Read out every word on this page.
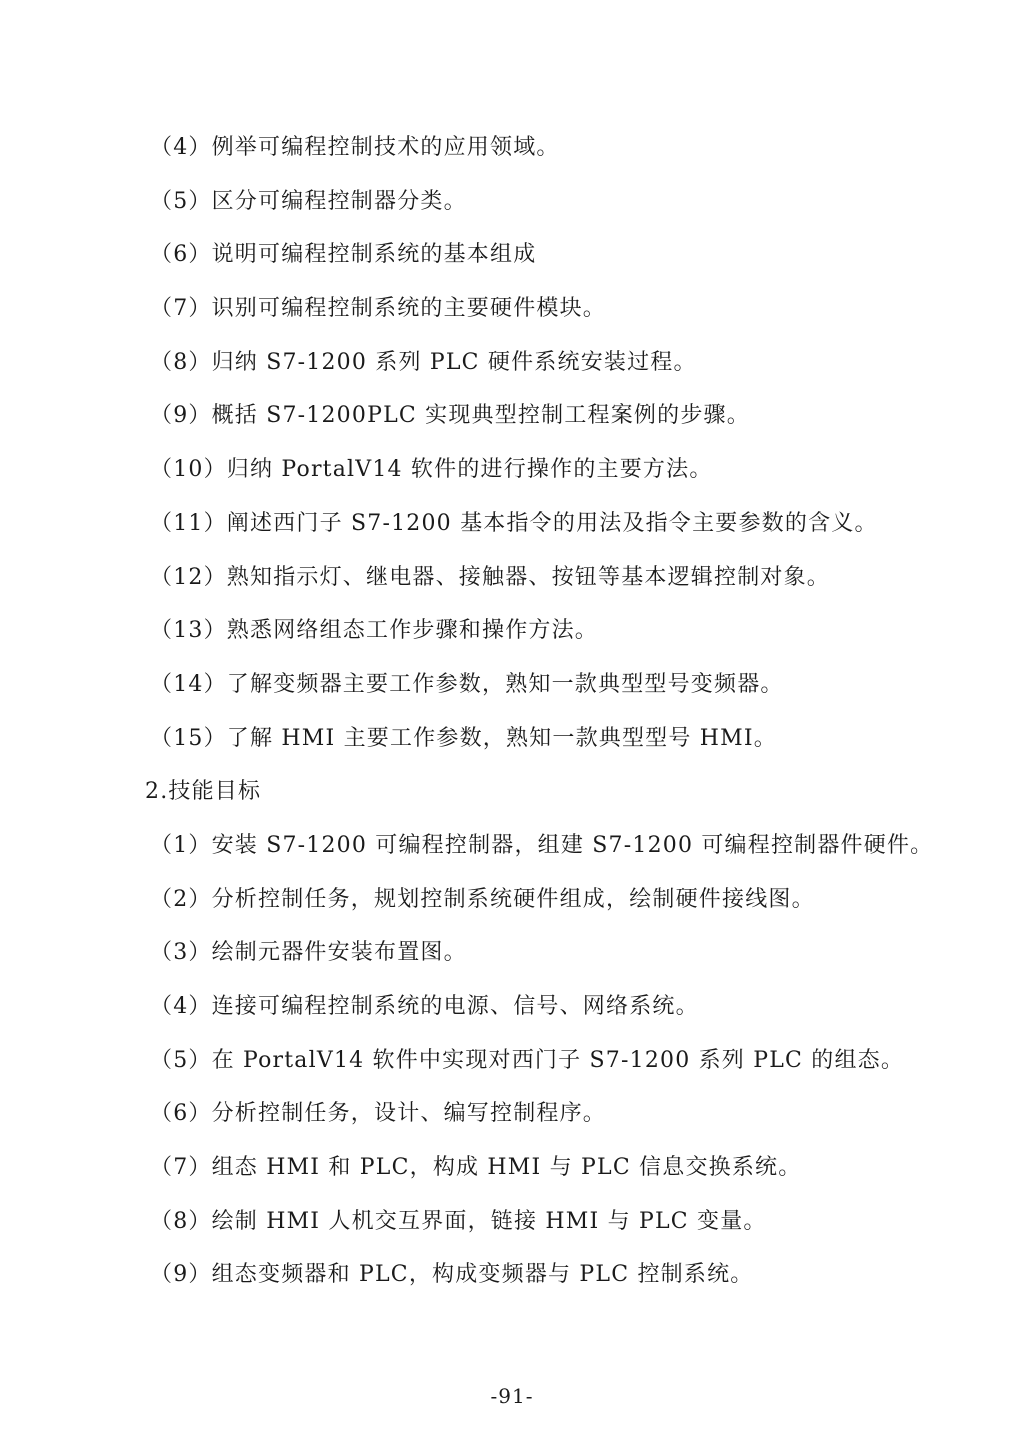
（4）例举可编程控制技术的应用领域。
（5）区分可编程控制器分类。
（6）说明可编程控制系统的基本组成
（7）识别可编程控制系统的主要硬件模块。
（8）归纳 S7-1200 系列 PLC 硬件系统安装过程。
（9）概括 S7-1200PLC 实现典型控制工程案例的步骤。
（10）归纳 PortalV14 软件的进行操作的主要方法。
（11）阐述西门子 S7-1200 基本指令的用法及指令主要参数的含义。
（12）熟知指示灯、继电器、接触器、按钮等基本逻辑控制对象。
（13）熟悉网络组态工作步骤和操作方法。
（14）了解变频器主要工作参数，熟知一款典型型号变频器。
（15）了解 HMI 主要工作参数，熟知一款典型型号 HMI。
2.技能目标
（1）安装 S7-1200 可编程控制器，组建 S7-1200 可编程控制器件硬件。
（2）分析控制任务，规划控制系统硬件组成，绘制硬件接线图。
（3）绘制元器件安装布置图。
（4）连接可编程控制系统的电源、信号、网络系统。
（5）在 PortalV14 软件中实现对西门子 S7-1200 系列 PLC 的组态。
（6）分析控制任务，设计、编写控制程序。
（7）组态 HMI 和 PLC，构成 HMI 与 PLC 信息交换系统。
（8）绘制 HMI 人机交互界面，链接 HMI 与 PLC 变量。
（9）组态变频器和 PLC，构成变频器与 PLC 控制系统。
-91-
